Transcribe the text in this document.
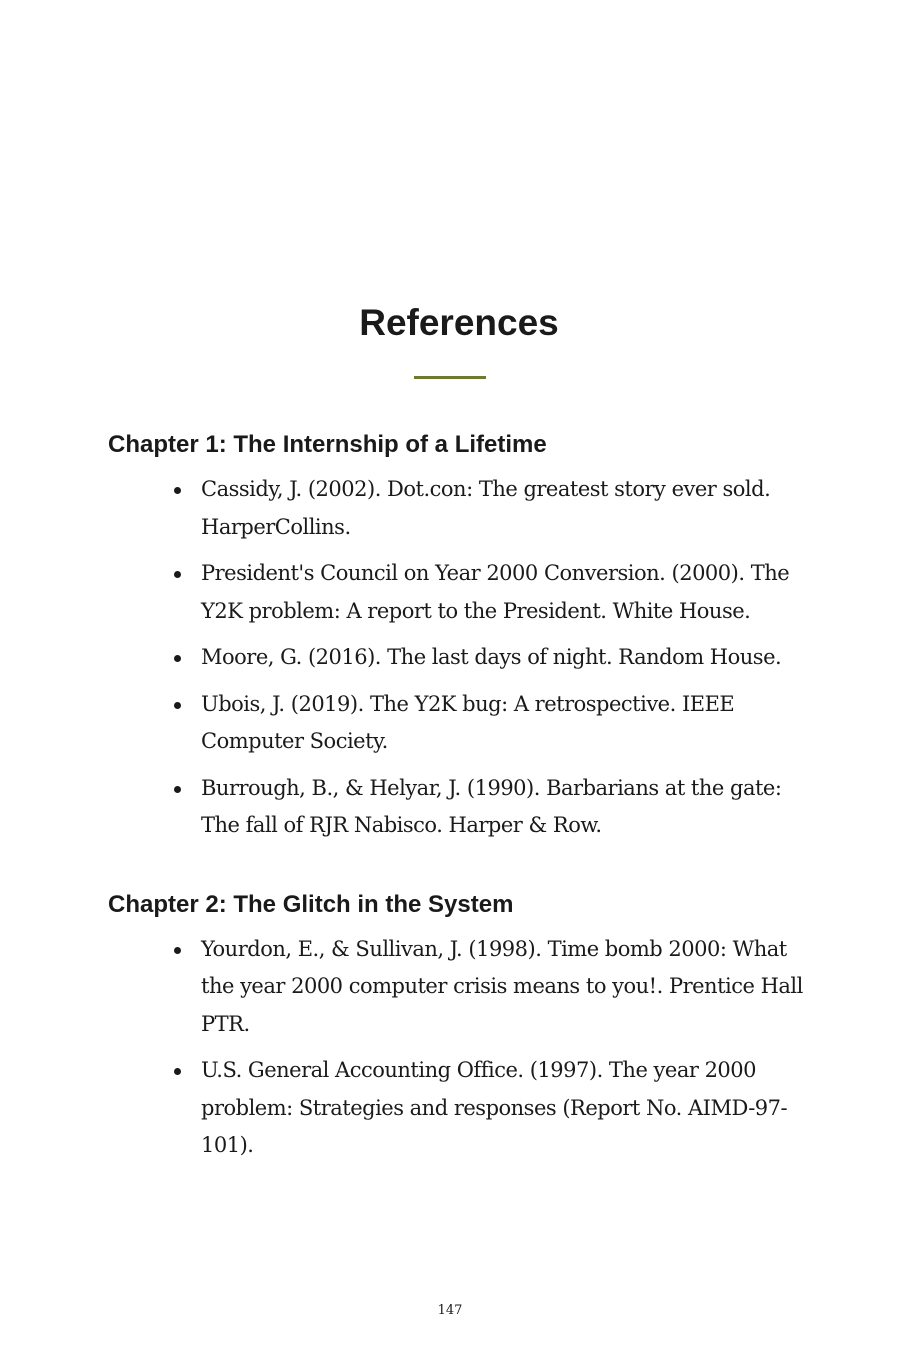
References
Chapter 1: The Internship of a Lifetime
Cassidy, J. (2002). Dot.con: The greatest story ever sold. HarperCollins.
President's Council on Year 2000 Conversion. (2000). The Y2K problem: A report to the President. White House.
Moore, G. (2016). The last days of night. Random House.
Ubois, J. (2019). The Y2K bug: A retrospective. IEEE Computer Society.
Burrough, B., & Helyar, J. (1990). Barbarians at the gate: The fall of RJR Nabisco. Harper & Row.
Chapter 2: The Glitch in the System
Yourdon, E., & Sullivan, J. (1998). Time bomb 2000: What the year 2000 computer crisis means to you!. Prentice Hall PTR.
U.S. General Accounting Office. (1997). The year 2000 problem: Strategies and responses (Report No. AIMD-97-101).
147
